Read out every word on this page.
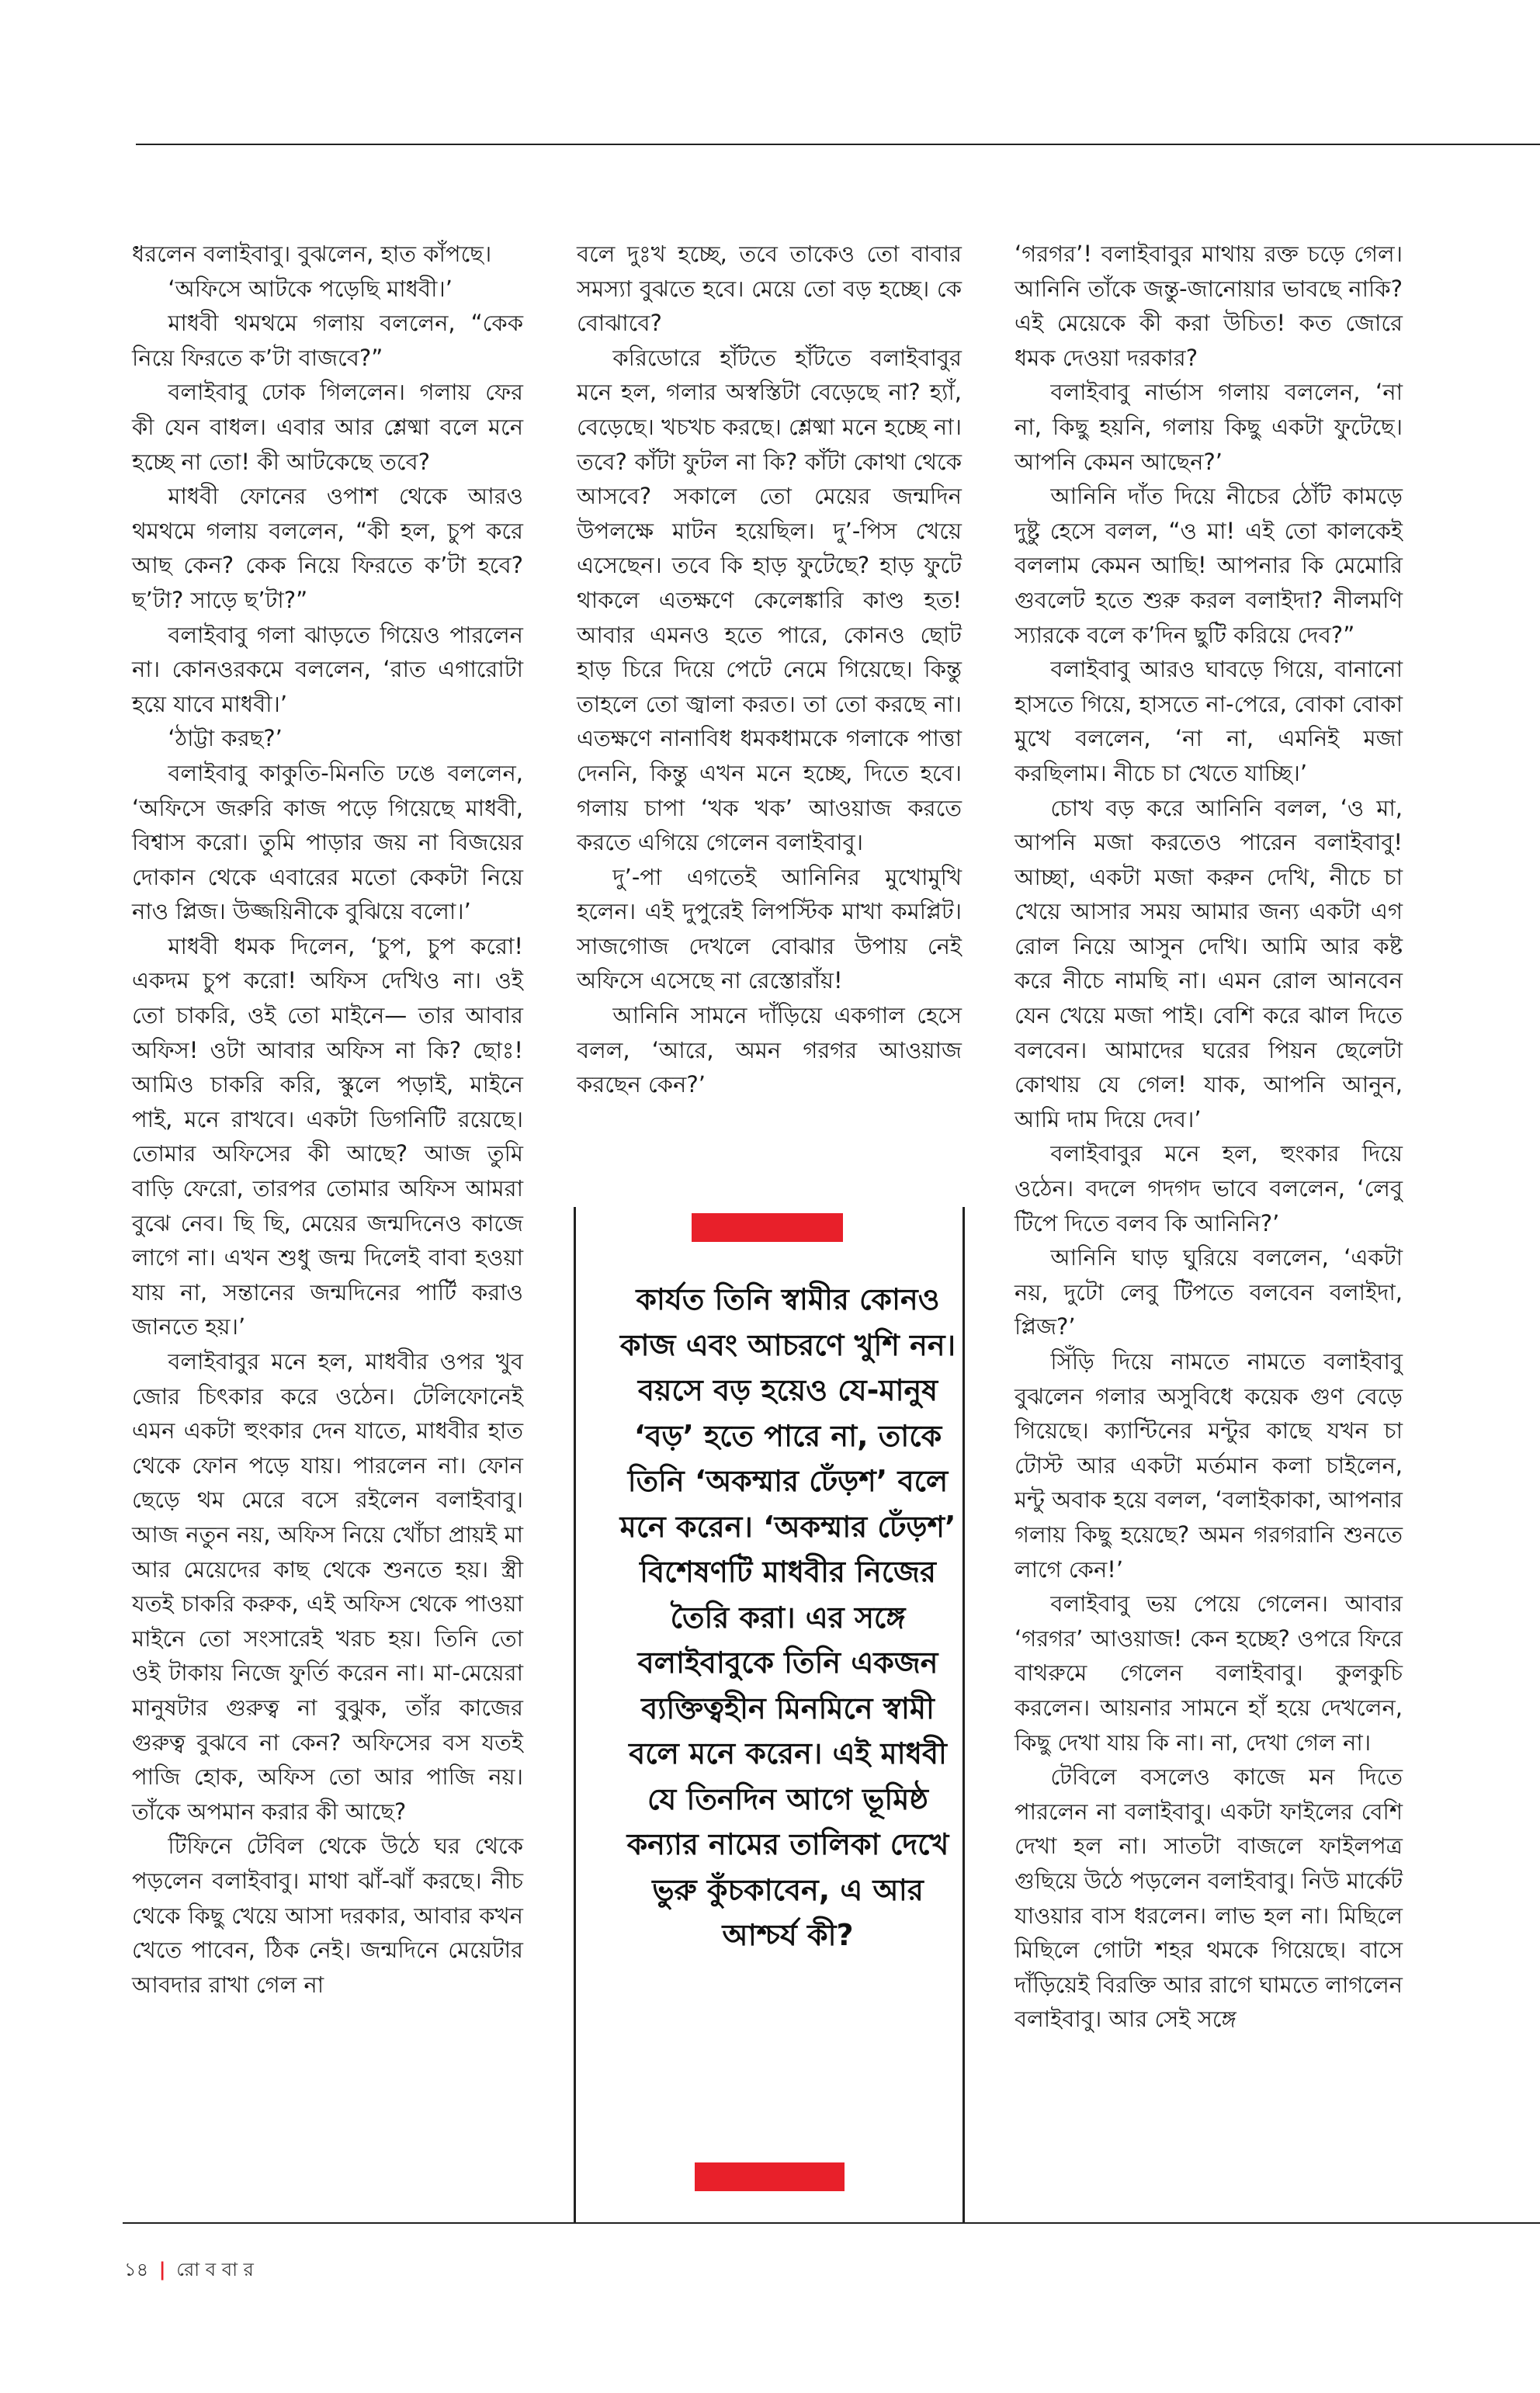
ধরলেন বলাইবাবু। বুঝলেন, হাত কাঁপছে।

‘অফিসে আটকে পড়েছি মাধবী।’

মাধবী থমথমে গলায় বললেন, “কেক নিয়ে ফিরতে ক’টা বাজবে?”

বলাইবাবু ঢোক গিললেন। গলায় ফের কী যেন বাধল। এবার আর শ্লেষ্মা বলে মনে হচ্ছে না তো! কী আটকেছে তবে?

মাধবী ফোনের ওপাশ থেকে আরও থমথমে গলায় বললেন, “কী হল, চুপ করে আছ কেন? কেক নিয়ে ফিরতে ক’টা হবে? ছ’টা? সাড়ে ছ’টা?”

বলাইবাবু গলা ঝাড়তে গিয়েও পারলেন না। কোনওরকমে বললেন, ‘রাত এগারোটা হয়ে যাবে মাধবী।’

‘ঠাট্টা করছ?’

বলাইবাবু কাকুতি-মিনতি ঢঙে বললেন, ‘অফিসে জরুরি কাজ পড়ে গিয়েছে মাধবী, বিশ্বাস করো। তুমি পাড়ার জয় না বিজয়ের দোকান থেকে এবারের মতো কেকটা নিয়ে নাও প্লিজ। উজ্জয়িনীকে বুঝিয়ে বলো।’

মাধবী ধমক দিলেন, ‘চুপ, চুপ করো! একদম চুপ করো! অফিস দেখিও না। ওই তো চাকরি, ওই তো মাইনে— তার আবার অফিস! ওটা আবার অফিস না কি? ছোঃ! আমিও চাকরি করি, স্কুলে পড়াই, মাইনে পাই, মনে রাখবে। একটা ডিগনিটি রয়েছে। তোমার অফিসের কী আছে? আজ তুমি বাড়ি ফেরো, তারপর তোমার অফিস আমরা বুঝে নেব। ছি ছি, মেয়ের জন্মদিনেও কাজে লাগে না। এখন শুধু জন্ম দিলেই বাবা হওয়া যায় না, সন্তানের জন্মদিনের পার্টি করাও জানতে হয়।’

বলাইবাবুর মনে হল, মাধবীর ওপর খুব জোর চিৎকার করে ওঠেন। টেলিফোনেই এমন একটা হুংকার দেন যাতে, মাধবীর হাত থেকে ফোন পড়ে যায়। পারলেন না। ফোন ছেড়ে থম মেরে বসে রইলেন বলাইবাবু। আজ নতুন নয়, অফিস নিয়ে খোঁচা প্রায়ই মা আর মেয়েদের কাছ থেকে শুনতে হয়। স্ত্রী যতই চাকরি করুক, এই অফিস থেকে পাওয়া মাইনে তো সংসারেই খরচ হয়। তিনি তো ওই টাকায় নিজে ফুর্তি করেন না। মা-মেয়েরা মানুষটার গুরুত্ব না বুঝুক, তাঁর কাজের গুরুত্ব বুঝবে না কেন? অফিসের বস যতই পাজি হোক, অফিস তো আর পাজি নয়। তাঁকে অপমান করার কী আছে?

টিফিনে টেবিল থেকে উঠে ঘর থেকে পড়লেন বলাইবাবু। মাথা ঝাঁ-ঝাঁ করছে। নীচ থেকে কিছু খেয়ে আসা দরকার, আবার কখন খেতে পাবেন, ঠিক নেই। জন্মদিনে মেয়েটার আবদার রাখা গেল না

বলে দুঃখ হচ্ছে, তবে তাকেও তো বাবার সমস্যা বুঝতে হবে। মেয়ে তো বড় হচ্ছে। কে বোঝাবে?

করিডোরে হাঁটতে হাঁটতে বলাইবাবুর মনে হল, গলার অস্বস্তিটা বেড়েছে না? হ্যাঁ, বেড়েছে। খচখচ করছে। শ্লেষ্মা মনে হচ্ছে না। তবে? কাঁটা ফুটল না কি? কাঁটা কোথা থেকে আসবে? সকালে তো মেয়ের জন্মদিন উপলক্ষে মাটন হয়েছিল। দু’-পিস খেয়ে এসেছেন। তবে কি হাড় ফুটেছে? হাড় ফুটে থাকলে এতক্ষণে কেলেঙ্কারি কাণ্ড হত! আবার এমনও হতে পারে, কোনও ছোট হাড় চিরে দিয়ে পেটে নেমে গিয়েছে। কিন্তু তাহলে তো জ্বালা করত। তা তো করছে না। এতক্ষণে নানাবিধ ধমকধামকে গলাকে পাত্তা দেননি, কিন্তু এখন মনে হচ্ছে, দিতে হবে। গলায় চাপা ‘খক খক’ আওয়াজ করতে করতে এগিয়ে গেলেন বলাইবাবু।

দু’-পা এগতেই আনিনির মুখোমুখি হলেন। এই দুপুরেই লিপস্টিক মাখা কমপ্লিট। সাজগোজ দেখলে বোঝার উপায় নেই অফিসে এসেছে না রেস্তোরাঁয়!

আনিনি সামনে দাঁড়িয়ে একগাল হেসে বলল, ‘আরে, অমন গরগর আওয়াজ করছেন কেন?’

‘গরগর’! বলাইবাবুর মাথায় রক্ত চড়ে গেল। আনিনি তাঁকে জন্তু-জানোয়ার ভাবছে নাকি? এই মেয়েকে কী করা উচিত! কত জোরে ধমক দেওয়া দরকার?

বলাইবাবু নার্ভাস গলায় বললেন, ‘না না, কিছু হয়নি, গলায় কিছু একটা ফুটেছে। আপনি কেমন আছেন?’

আনিনি দাঁত দিয়ে নীচের ঠোঁট কামড়ে দুষ্টু হেসে বলল, “ও মা! এই তো কালকেই বললাম কেমন আছি! আপনার কি মেমোরি গুবলেট হতে শুরু করল বলাইদা? নীলমণি স্যারকে বলে ক’দিন ছুটি করিয়ে দেব?”

বলাইবাবু আরও ঘাবড়ে গিয়ে, বানানো হাসতে গিয়ে, হাসতে না-পেরে, বোকা বোকা মুখে বললেন, ‘না না, এমনিই মজা করছিলাম। নীচে চা খেতে যাচ্ছি।’

চোখ বড় করে আনিনি বলল, ‘ও মা, আপনি মজা করতেও পারেন বলাইবাবু! আচ্ছা, একটা মজা করুন দেখি, নীচে চা খেয়ে আসার সময় আমার জন্য একটা এগ রোল নিয়ে আসুন দেখি। আমি আর কষ্ট করে নীচে নামছি না। এমন রোল আনবেন যেন খেয়ে মজা পাই। বেশি করে ঝাল দিতে বলবেন। আমাদের ঘরের পিয়ন ছেলেটা কোথায় যে গেল! যাক, আপনি আনুন, আমি দাম দিয়ে দেব।’

বলাইবাবুর মনে হল, হুংকার দিয়ে ওঠেন। বদলে গদগদ ভাবে বললেন, ‘লেবু টিপে দিতে বলব কি আনিনি?’

আনিনি ঘাড় ঘুরিয়ে বললেন, ‘একটা নয়, দুটো লেবু টিপতে বলবেন বলাইদা, প্লিজ?’

সিঁড়ি দিয়ে নামতে নামতে বলাইবাবু বুঝলেন গলার অসুবিধে কয়েক গুণ বেড়ে গিয়েছে। ক্যান্টিনের মন্টুর কাছে যখন চা টোস্ট আর একটা মর্তমান কলা চাইলেন, মন্টু অবাক হয়ে বলল, ‘বলাইকাকা, আপনার গলায় কিছু হয়েছে? অমন গরগরানি শুনতে লাগে কেন!’

বলাইবাবু ভয় পেয়ে গেলেন। আবার ‘গরগর’ আওয়াজ! কেন হচ্ছে? ওপরে ফিরে বাথরুমে গেলেন বলাইবাবু। কুলকুচি করলেন। আয়নার সামনে হাঁ হয়ে দেখলেন, কিছু দেখা যায় কি না। না, দেখা গেল না।

টেবিলে বসলেও কাজে মন দিতে পারলেন না বলাইবাবু। একটা ফাইলের বেশি দেখা হল না। সাতটা বাজলে ফাইলপত্র গুছিয়ে উঠে পড়লেন বলাইবাবু। নিউ মার্কেট যাওয়ার বাস ধরলেন। লাভ হল না। মিছিলে মিছিলে গোটা শহর থমকে গিয়েছে। বাসে দাঁড়িয়েই বিরক্তি আর রাগে ঘামতে লাগলেন বলাইবাবু। আর সেই সঙ্গে

কার্যত তিনি স্বামীর কোনও কাজ এবং আচরণে খুশি নন। বয়সে বড় হয়েও যে-মানুষ ‘বড়’ হতে পারে না, তাকে তিনি ‘অকম্মার ঢেঁড়শ’ বলে মনে করেন। ‘অকম্মার ঢেঁড়শ’ বিশেষণটি মাধবীর নিজের তৈরি করা। এর সঙ্গে বলাইবাবুকে তিনি একজন ব্যক্তিত্বহীন মিনমিনে স্বামী বলে মনে করেন। এই মাধবী যে তিনদিন আগে ভূমিষ্ঠ কন্যার নামের তালিকা দেখে ভুরু কুঁচকাবেন, এ আর আশ্চর্য কী?
১৪ | রো ব বা র
